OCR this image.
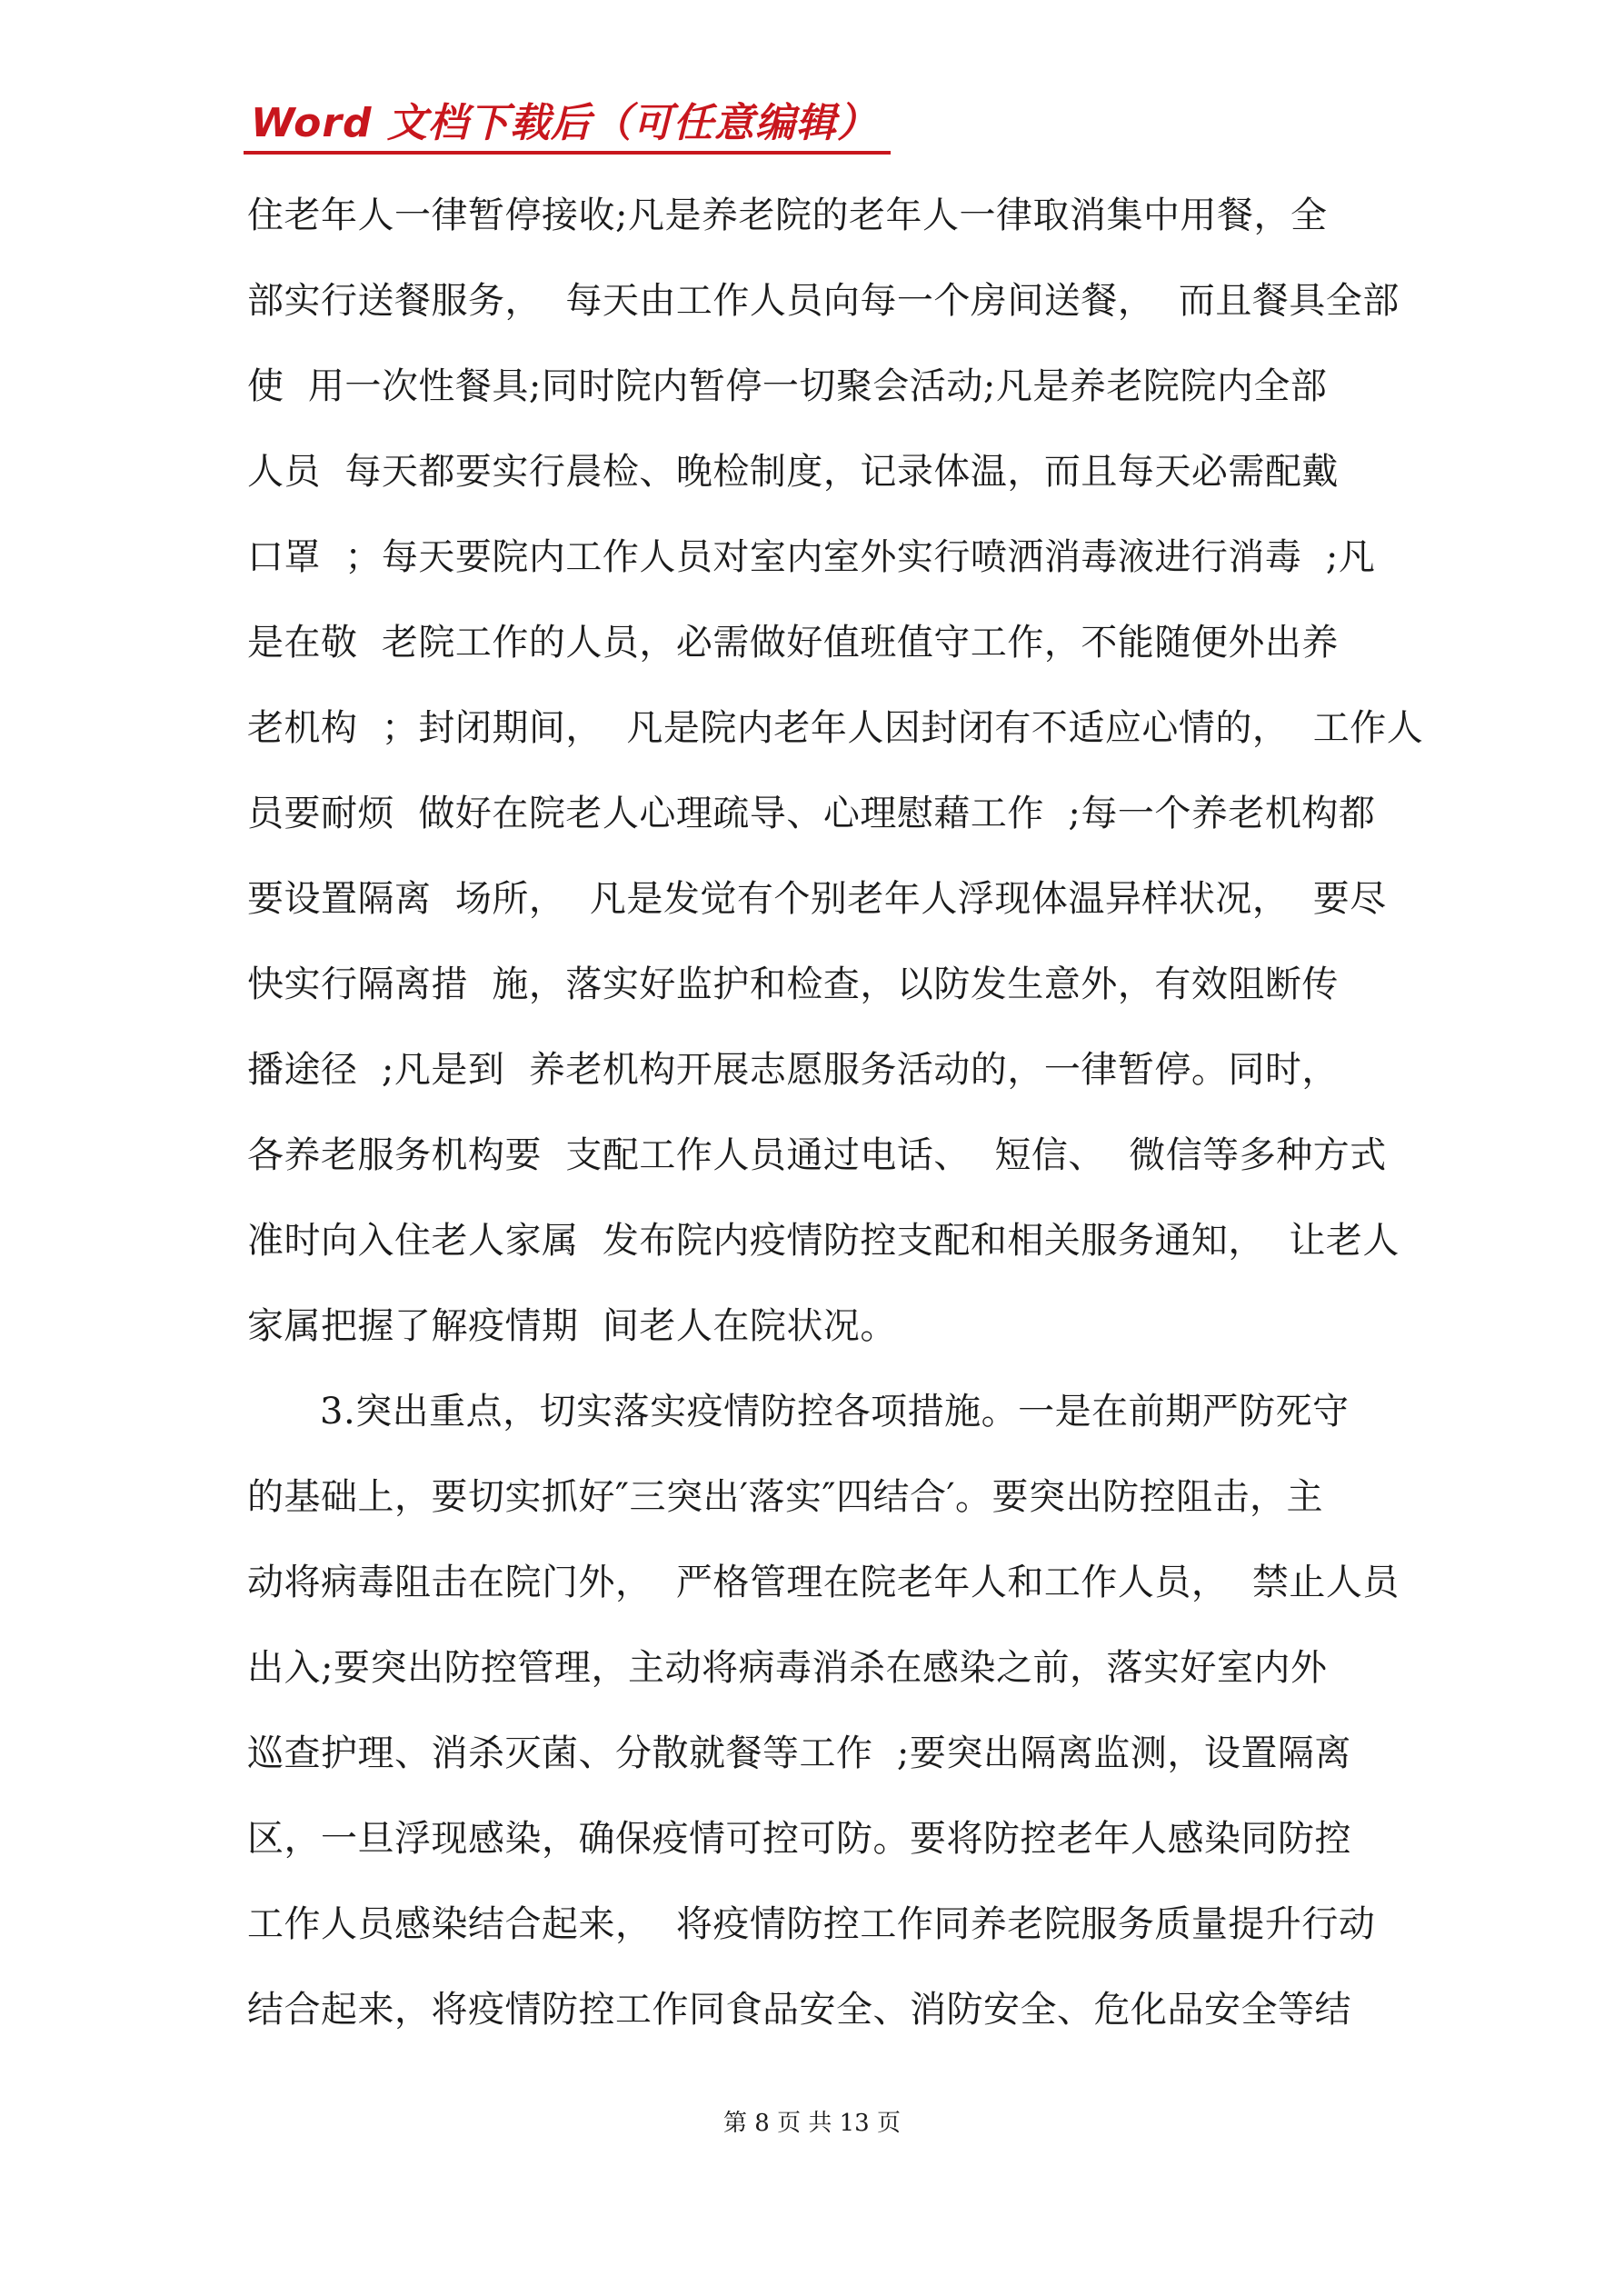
Word 文档下载后（可任意编辑）
住老年人一律暂停接收;凡是养老院的老年人一律取消集中用餐，全
部实行送餐服务，  每天由工作人员向每一个房间送餐，  而且餐具全部
使  用一次性餐具;同时院内暂停一切聚会活动;凡是养老院院内全部
人员  每天都要实行晨检、晚检制度，记录体温，而且每天必需配戴
口罩  ；每天要院内工作人员对室内室外实行喷洒消毒液进行消毒  ;凡
是在敬  老院工作的人员，必需做好值班值守工作，不能随便外出养
老机构  ；封闭期间，  凡是院内老年人因封闭有不适应心情的，  工作人
员要耐烦  做好在院老人心理疏导、心理慰藉工作  ;每一个养老机构都
要设置隔离  场所，  凡是发觉有个别老年人浮现体温异样状况，  要尽
快实行隔离措  施，落实好监护和检查，以防发生意外，有效阻断传
播途径  ;凡是到  养老机构开展志愿服务活动的，一律暂停。同时，
各养老服务机构要  支配工作人员通过电话、  短信、  微信等多种方式
准时向入住老人家属  发布院内疫情防控支配和相关服务通知，  让老人
家属把握了解疫情期  间老人在院状况。
3.突出重点，切实落实疫情防控各项措施。一是在前期严防死守
的基础上，要切实抓好″三突出′落实″四结合′。要突出防控阻击，主
动将病毒阻击在院门外，  严格管理在院老年人和工作人员，  禁止人员
出入;要突出防控管理，主动将病毒消杀在感染之前，落实好室内外
巡查护理、消杀灭菌、分散就餐等工作  ;要突出隔离监测，设置隔离
区，一旦浮现感染，确保疫情可控可防。要将防控老年人感染同防控
工作人员感染结合起来，  将疫情防控工作同养老院服务质量提升行动
结合起来，将疫情防控工作同食品安全、消防安全、危化品安全等结
第 8 页 共 13 页
